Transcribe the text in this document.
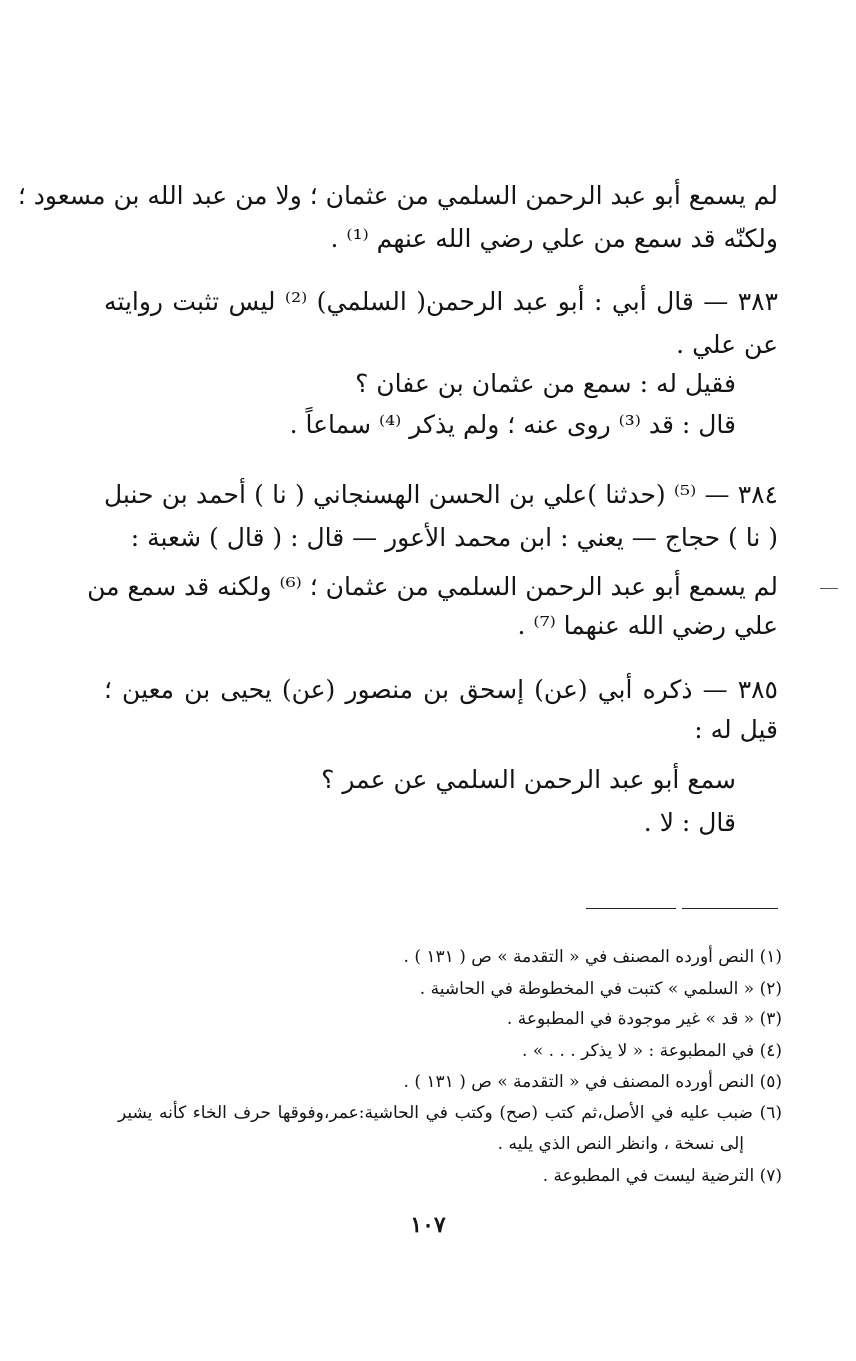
لم يسمع أبو عبد الرحمن السلمي من عثمان ؛ ولا من عبد الله بن مسعود ؛
ولكنّه قد سمع من علي رضي الله عنهم ⁽¹⁾ .
٣٨٣ — قال أبي : أبو عبد الرحمن( السلمي) ⁽²⁾ ليس تثبت روايته
عن علي .
فقيل له : سمع من عثمان بن عفان ؟
قال : قد ⁽³⁾ روى عنه ؛ ولم يذكر ⁽⁴⁾ سماعاً .
٣٨٤ — ⁽⁵⁾ (حدثنا )علي بن الحسن الهسنجاني ( نا ) أحمد بن حنبل
( نا ) حجاج — يعني : ابن محمد الأعور — قال : ( قال ) شعبة :
لم يسمع أبو عبد الرحمن السلمي من عثمان ؛ ⁽⁶⁾ ولكنه قد سمع من
علي رضي الله عنهما ⁽⁷⁾ .
٣٨٥ — ذكره أبي (عن) إسحق بن منصور (عن) يحيى بن معين ؛
قيل له :
سمع أبو عبد الرحمن السلمي عن عمر ؟
قال : لا .
(١) النص أورده المصنف في « التقدمة » ص ( ١٣١ ) .
(٢) « السلمي » كتبت في المخطوطة في الحاشية .
(٣) « قد » غير موجودة في المطبوعة .
(٤) في المطبوعة : « لا يذكر . . . » .
(٥) النص أورده المصنف في « التقدمة » ص ( ١٣١ ) .
(٦) ضبب عليه في الأصل،ثم كتب (صح) وكتب في الحاشية:عمر،وفوقها حرف الخاء كأنه يشير
إلى نسخة ، وانظر النص الذي يليه .
(٧) الترضية ليست في المطبوعة .
١٠٧
